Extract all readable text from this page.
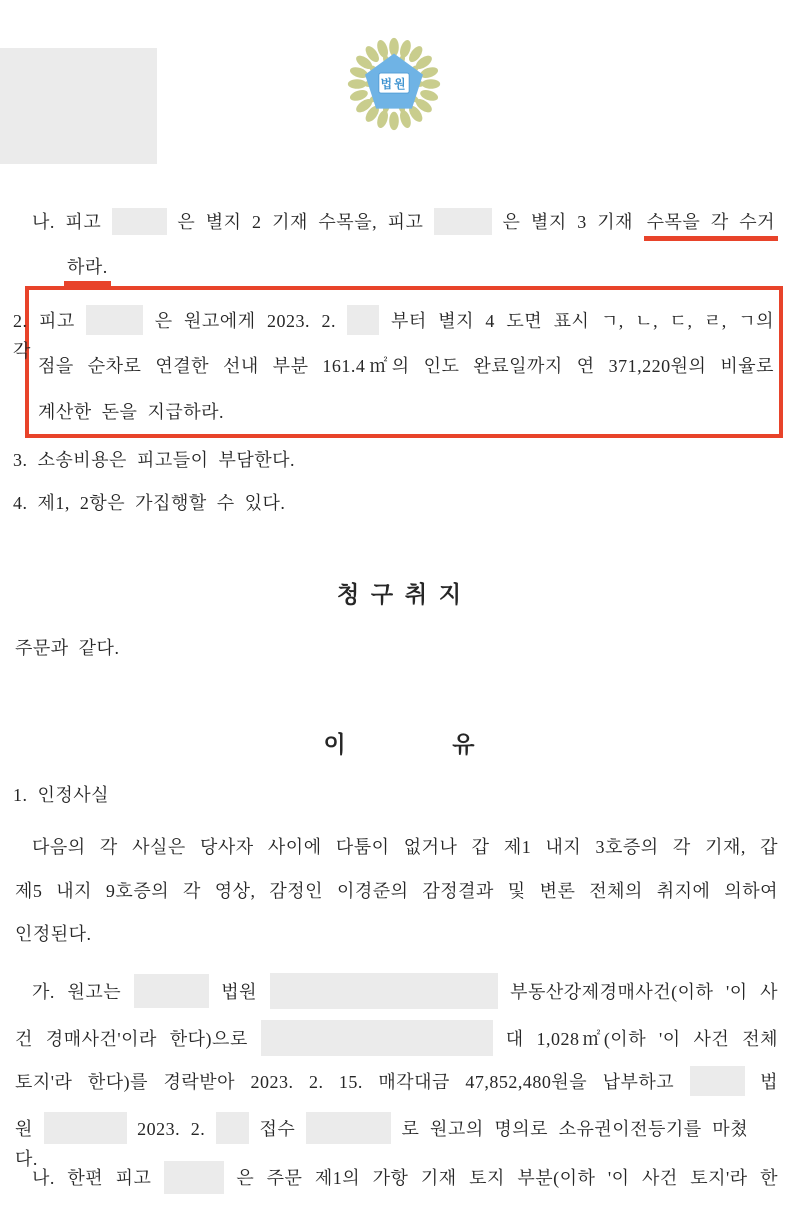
법원
나. 피고	은 별지 2 기재 수목을, 피고	은 별지 3 기재 수목을 각 수거
하라.
2. 피고	은 원고에게 2023. 2.	부터 별지 4 도면 표시 ㄱ, ㄴ, ㄷ, ㄹ, ㄱ의 각
점을 순차로 연결한 선내 부분 161.4㎡의 인도 완료일까지 연 371,220원의 비율로
계산한 돈을 지급하라.
3. 소송비용은 피고들이 부담한다.
4. 제1, 2항은 가집행할 수 있다.
청 구 취 지
주문과 같다.
이	유
1. 인정사실
다음의 각 사실은 당사자 사이에 다툼이 없거나 갑 제1 내지 3호증의 각 기재, 갑
제5 내지 9호증의 각 영상, 감정인 이경준의 감정결과 및 변론 전체의 취지에 의하여
인정된다.
가. 원고는	법원	부동산강제경매사건(이하 '이 사
건 경매사건'이라 한다)으로	대 1,028㎡(이하 '이 사건 전체
토지'라 한다)를 경락받아 2023. 2. 15. 매각대금 47,852,480원을 납부하고	법
원	2023. 2.	접수	로 원고의 명의로 소유권이전등기를 마쳤다.
나. 한편 피고	은 주문 제1의 가항 기재 토지 부분(이하 '이 사건 토지'라 한
